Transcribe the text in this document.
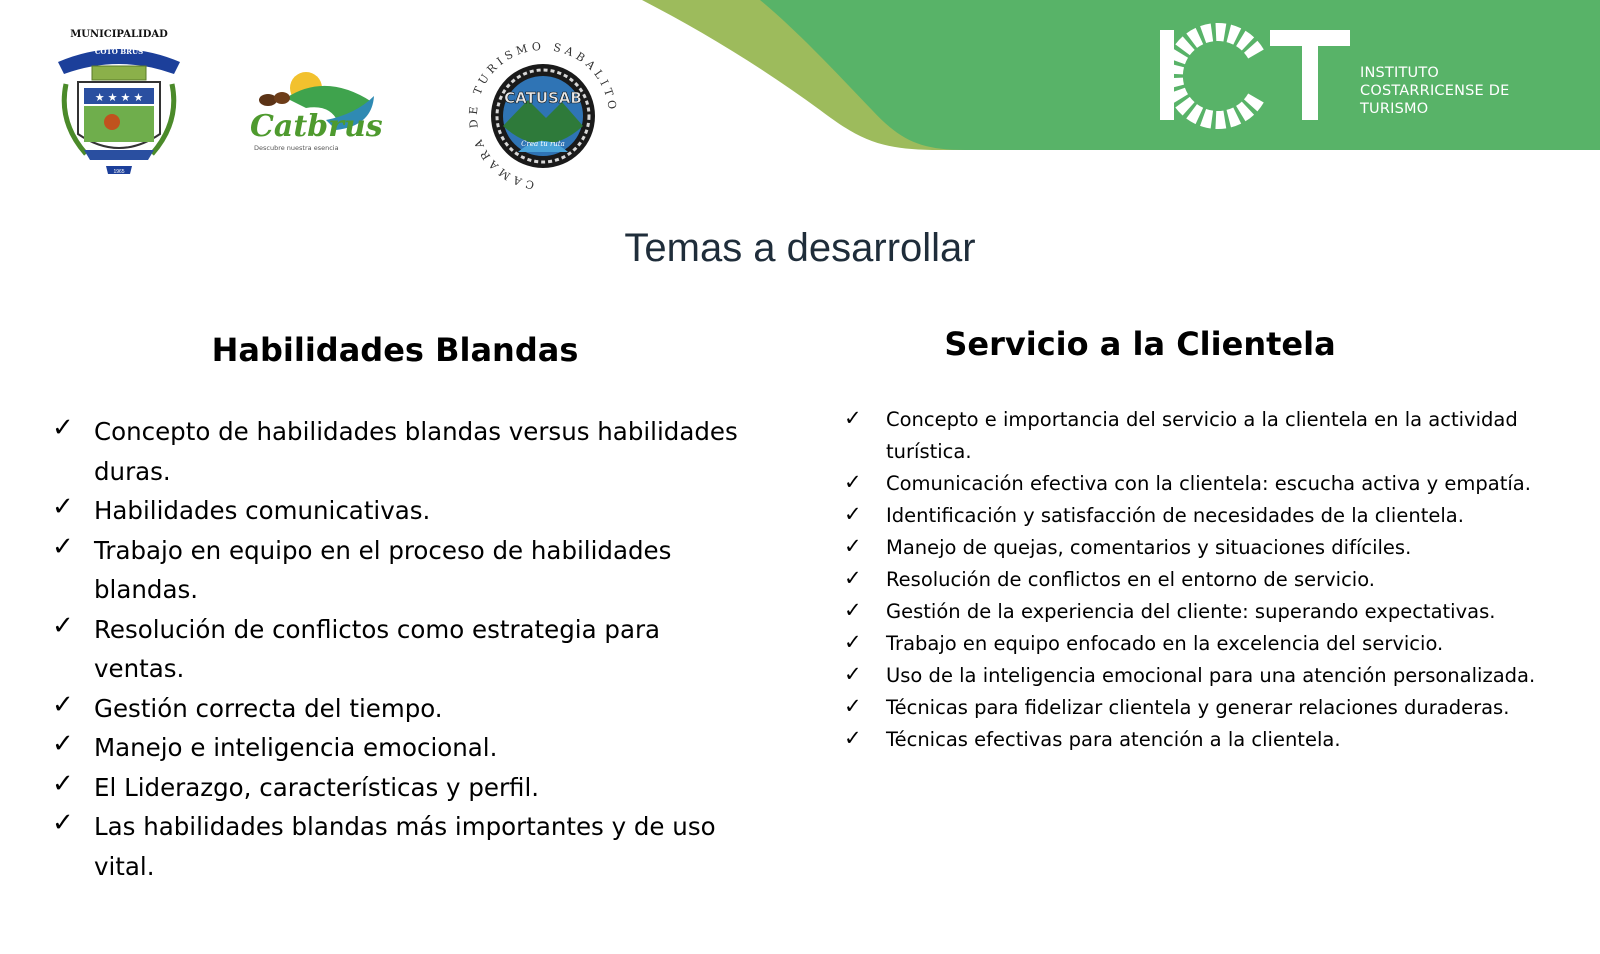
MUNICIPALIDAD
COTO BRUS
★ ★ ★ ★
1965
Catbrus
Descubre nuestra esencia
CAMARA DE TURISMO SABALITO
CATUSAB
Crea tu ruta
INSTITUTO
COSTARRICENSE DE
TURISMO
Temas a desarrollar
Habilidades Blandas
✓ Concepto de habilidades blandas versus habilidades duras.
✓ Habilidades comunicativas.
✓ Trabajo en equipo en el proceso de habilidades blandas.
✓ Resolución de conflictos como estrategia para ventas.
✓ Gestión correcta del tiempo.
✓ Manejo e inteligencia emocional.
✓ El Liderazgo, características y perfil.
✓ Las habilidades blandas más importantes y de uso vital.
Servicio a la Clientela
✓ Concepto e importancia del servicio a la clientela en la actividad turística.
✓ Comunicación efectiva con la clientela: escucha activa y empatía.
✓ Identificación y satisfacción de necesidades de la clientela.
✓ Manejo de quejas, comentarios y situaciones difíciles.
✓ Resolución de conflictos en el entorno de servicio.
✓ Gestión de la experiencia del cliente: superando expectativas.
✓ Trabajo en equipo enfocado en la excelencia del servicio.
✓ Uso de la inteligencia emocional para una atención personalizada.
✓ Técnicas para fidelizar clientela y generar relaciones duraderas.
✓ Técnicas efectivas para atención a la clientela.
